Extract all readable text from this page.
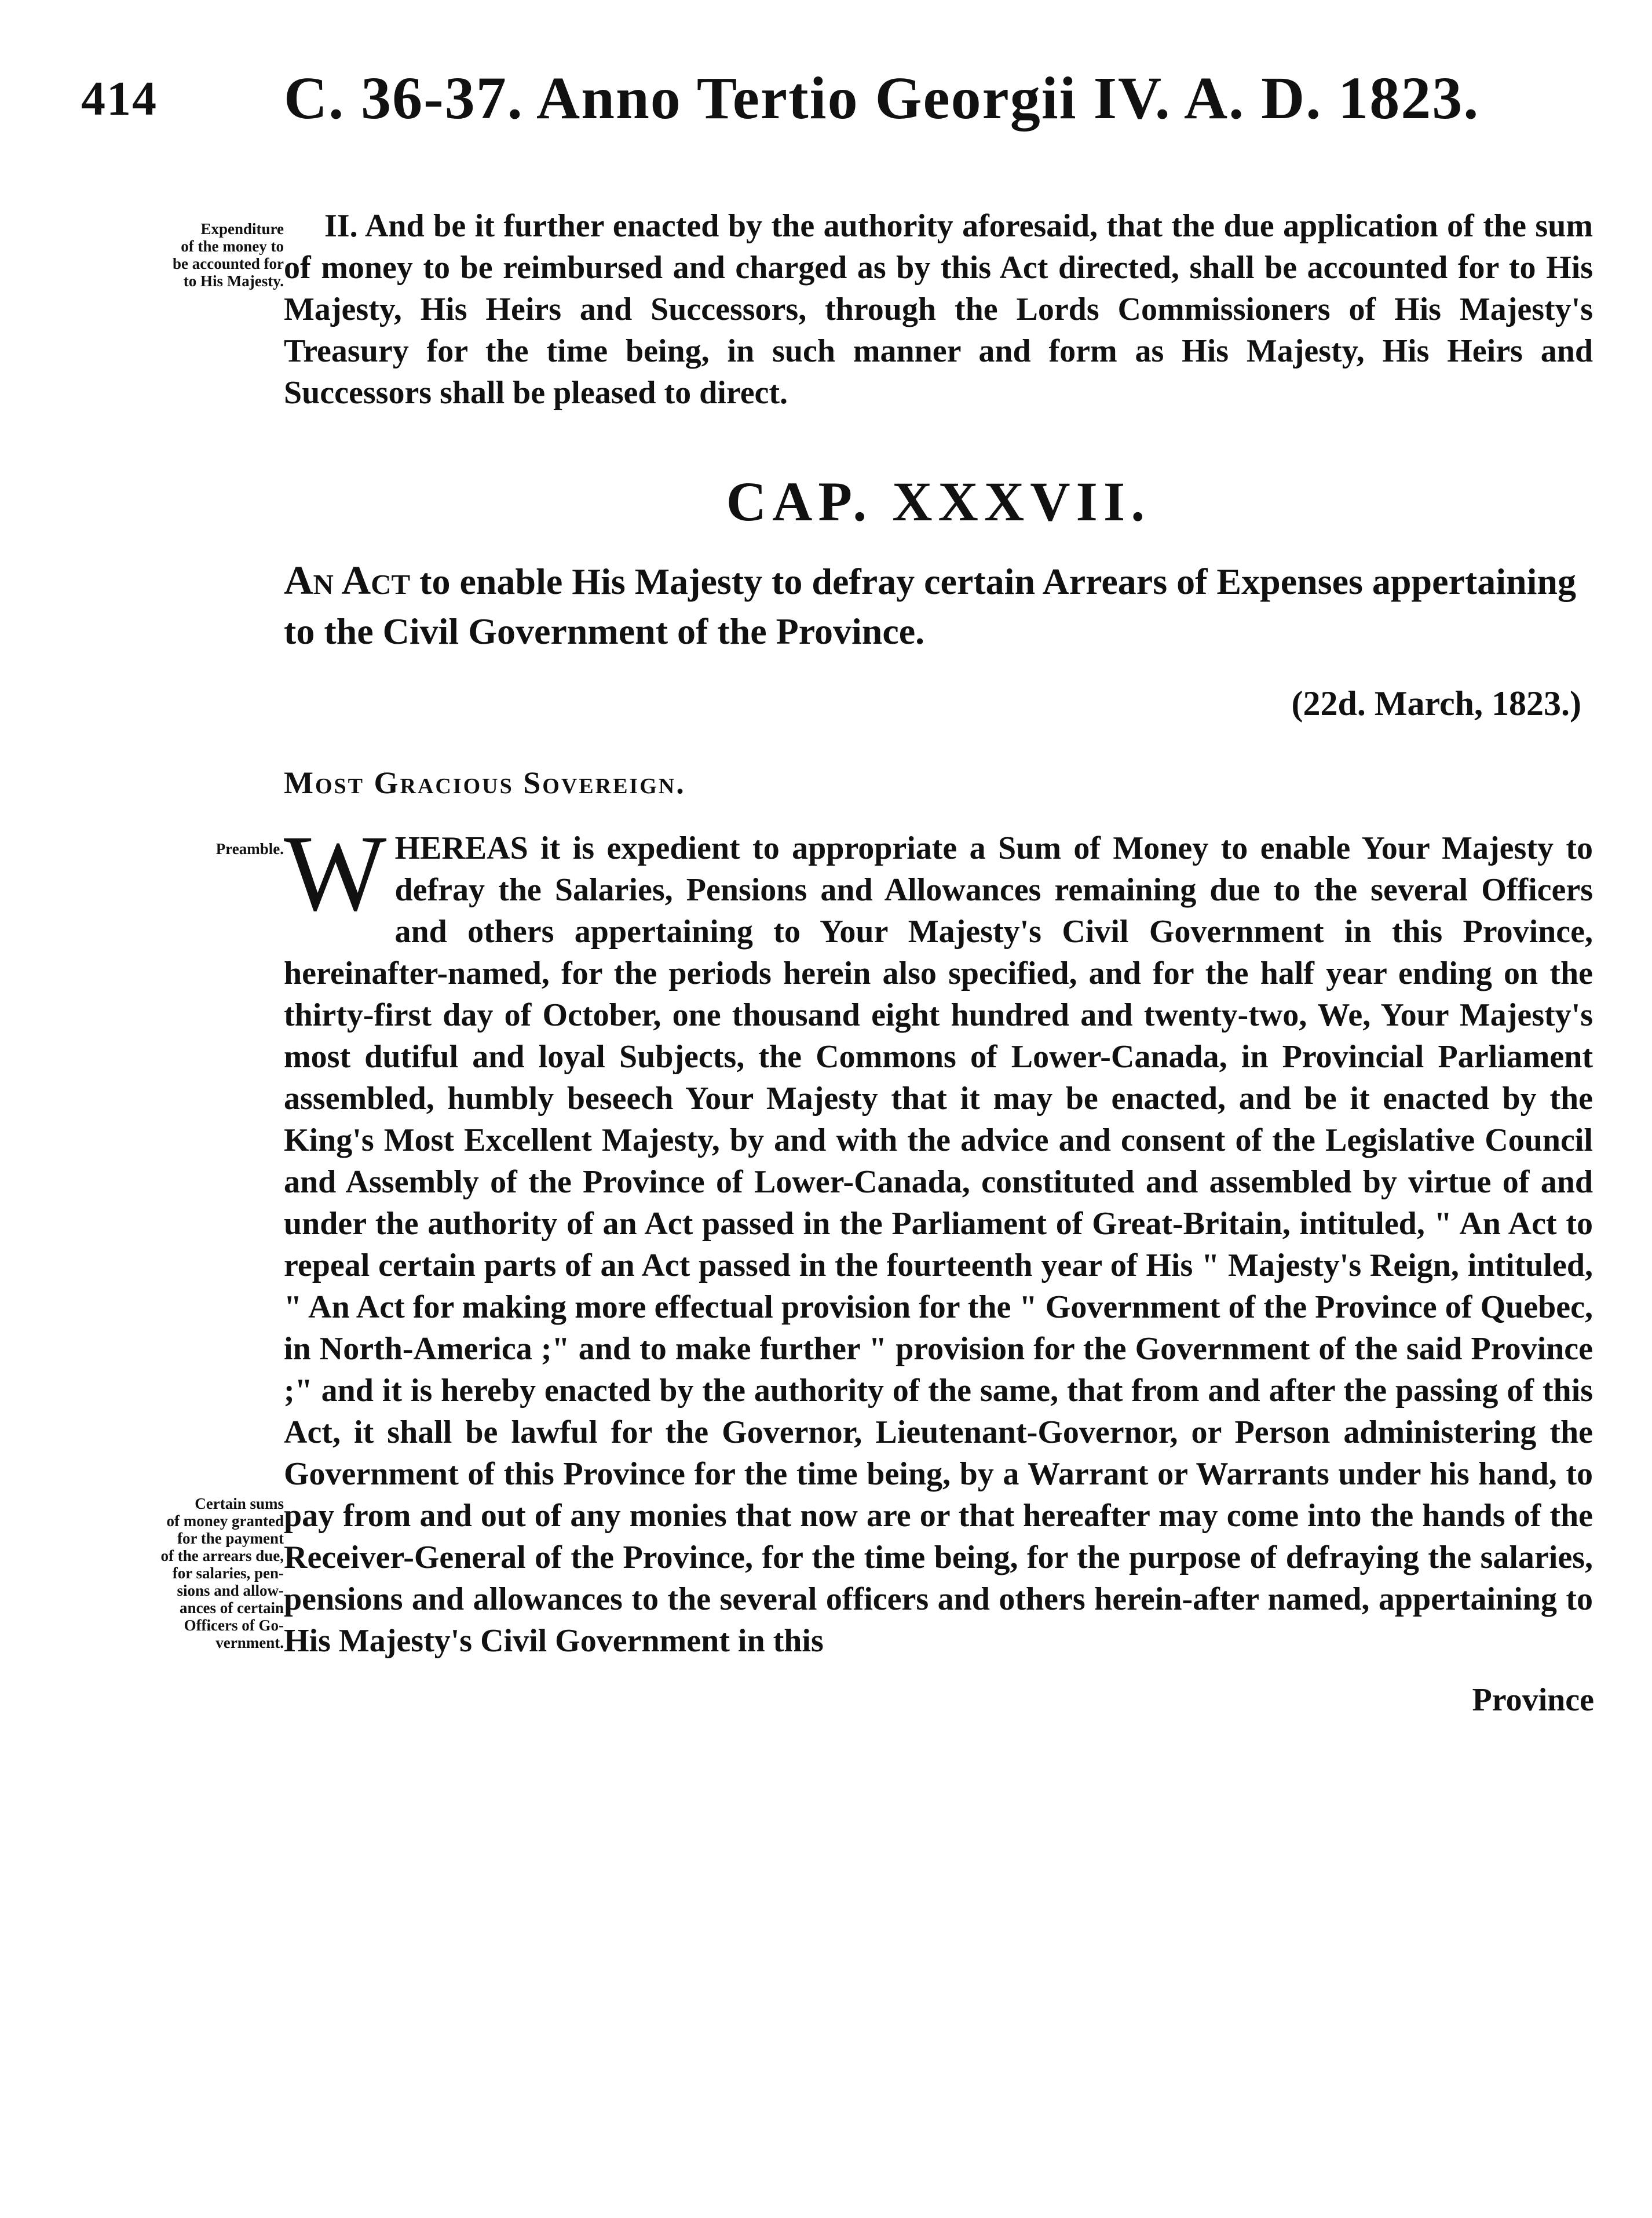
414 C. 36-37. Anno Tertio Georgii IV. A. D. 1823.
Expenditure
of the money to
be accounted for
to His Majesty.
Preamble.
Certain sums
of money granted
for the payment
of the arrears due,
for salaries, pen-
sions and allow-
ances of certain
Officers of Go-
vernment.
II. And be it further enacted by the authority aforesaid, that the due application of the sum of money to be reimbursed and charged as by this Act directed, shall be accounted for to His Majesty, His Heirs and Successors, through the Lords Commissioners of His Majesty's Treasury for the time being, in such manner and form as His Majesty, His Heirs and Successors shall be pleased to direct.
CAP. XXXVII.
An Act to enable His Majesty to defray certain Arrears of Expenses appertaining to the Civil Government of the Province.
(22d. March, 1823.)
Most Gracious Sovereign.
WHEREAS it is expedient to appropriate a Sum of Money to enable Your Majesty to defray the Salaries, Pensions and Allowances remaining due to the several Officers and others appertaining to Your Majesty's Civil Government in this Province, hereinafter-named, for the periods herein also specified, and for the half year ending on the thirty-first day of October, one thousand eight hundred and twenty-two, We, Your Majesty's most dutiful and loyal Subjects, the Commons of Lower-Canada, in Provincial Parliament assembled, humbly beseech Your Majesty that it may be enacted, and be it enacted by the King's Most Excellent Majesty, by and with the advice and consent of the Legislative Council and Assembly of the Province of Lower-Canada, constituted and assembled by virtue of and under the authority of an Act passed in the Parliament of Great-Britain, intituled, " An Act to repeal certain parts of an Act passed in the fourteenth year of His " Majesty's Reign, intituled, " An Act for making more effectual provision for the " Government of the Province of Quebec, in North-America ;" and to make further " provision for the Government of the said Province ;" and it is hereby enacted by the authority of the same, that from and after the passing of this Act, it shall be lawful for the Governor, Lieutenant-Governor, or Person administering the Government of this Province for the time being, by a Warrant or Warrants under his hand, to pay from and out of any monies that now are or that hereafter may come into the hands of the Receiver-General of the Province, for the time being, for the purpose of defraying the salaries, pensions and allowances to the several officers and others herein-after named, appertaining to His Majesty's Civil Government in this
Province
